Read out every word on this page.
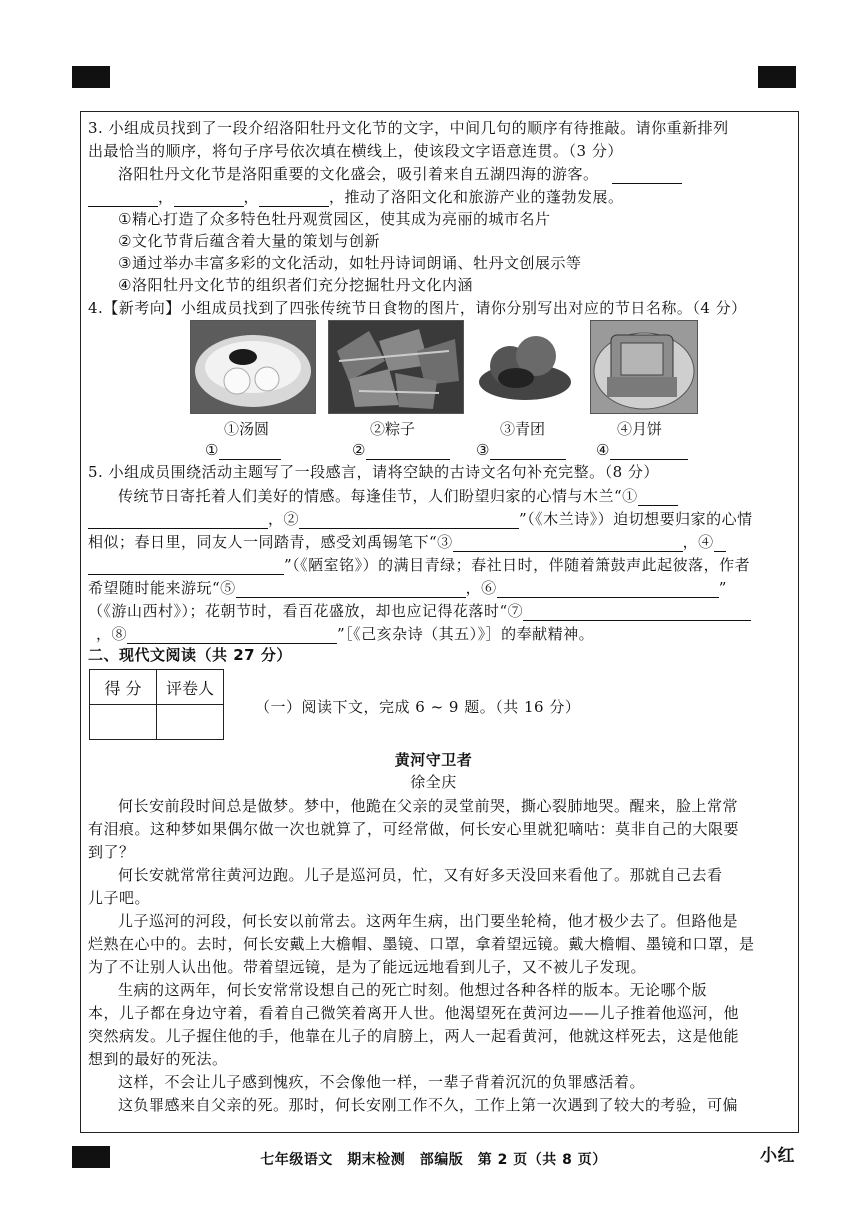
3. 小组成员找到了一段介绍洛阳牡丹文化节的文字，中间几句的顺序有待推敲。请你重新排列
出最恰当的顺序，将句子序号依次填在横线上，使该段文字语意连贯。（3 分）
洛阳牡丹文化节是洛阳重要的文化盛会，吸引着来自五湖四海的游客。
，	，	，推动了洛阳文化和旅游产业的蓬勃发展。
①精心打造了众多特色牡丹观赏园区，使其成为亮丽的城市名片
②文化节背后蕴含着大量的策划与创新
③通过举办丰富多彩的文化活动，如牡丹诗词朗诵、牡丹文创展示等
④洛阳牡丹文化节的组织者们充分挖掘牡丹文化内涵
4.【新考向】小组成员找到了四张传统节日食物的图片，请你分别写出对应的节日名称。（4 分）
①汤圆	②粽子	③青团	④月饼
①	②	③	④
5. 小组成员围绕活动主题写了一段感言，请将空缺的古诗文名句补充完整。（8 分）
传统节日寄托着人们美好的情感。每逢佳节，人们盼望归家的心情与木兰“①
，②	”（《木兰诗》）迫切想要归家的心情
相似；春日里，同友人一同踏青，感受刘禹锡笔下“③	，④
”（《陋室铭》）的满目青绿；春社日时，伴随着箫鼓声此起彼落，作者
希望随时能来游玩“⑤	，⑥	”
（《游山西村》）；花朝节时，看百花盛放，却也应记得花落时“⑦
，⑧	”［《己亥杂诗（其五）》］的奉献精神。
二、现代文阅读（共 27 分）
得 分	评卷人

（一）阅读下文，完成 6 ~ 9 题。（共 16 分）
黄河守卫者
徐全庆
何长安前段时间总是做梦。梦中，他跪在父亲的灵堂前哭，撕心裂肺地哭。醒来，脸上常常
有泪痕。这种梦如果偶尔做一次也就算了，可经常做，何长安心里就犯嘀咕：莫非自己的大限要
到了？
何长安就常常往黄河边跑。儿子是巡河员，忙，又有好多天没回来看他了。那就自己去看
儿子吧。
儿子巡河的河段，何长安以前常去。这两年生病，出门要坐轮椅，他才极少去了。但路他是
烂熟在心中的。去时，何长安戴上大檐帽、墨镜、口罩，拿着望远镜。戴大檐帽、墨镜和口罩，是
为了不让别人认出他。带着望远镜，是为了能远远地看到儿子，又不被儿子发现。
生病的这两年，何长安常常设想自己的死亡时刻。他想过各种各样的版本。无论哪个版
本，儿子都在身边守着，看着自己微笑着离开人世。他渴望死在黄河边——儿子推着他巡河，他
突然病发。儿子握住他的手，他靠在儿子的肩膀上，两人一起看黄河，他就这样死去，这是他能
想到的最好的死法。
这样，不会让儿子感到愧疚，不会像他一样，一辈子背着沉沉的负罪感活着。
这负罪感来自父亲的死。那时，何长安刚工作不久，工作上第一次遇到了较大的考验，可偏
七年级语文　期末检测　部编版　第 2 页（共 8 页）	小红
